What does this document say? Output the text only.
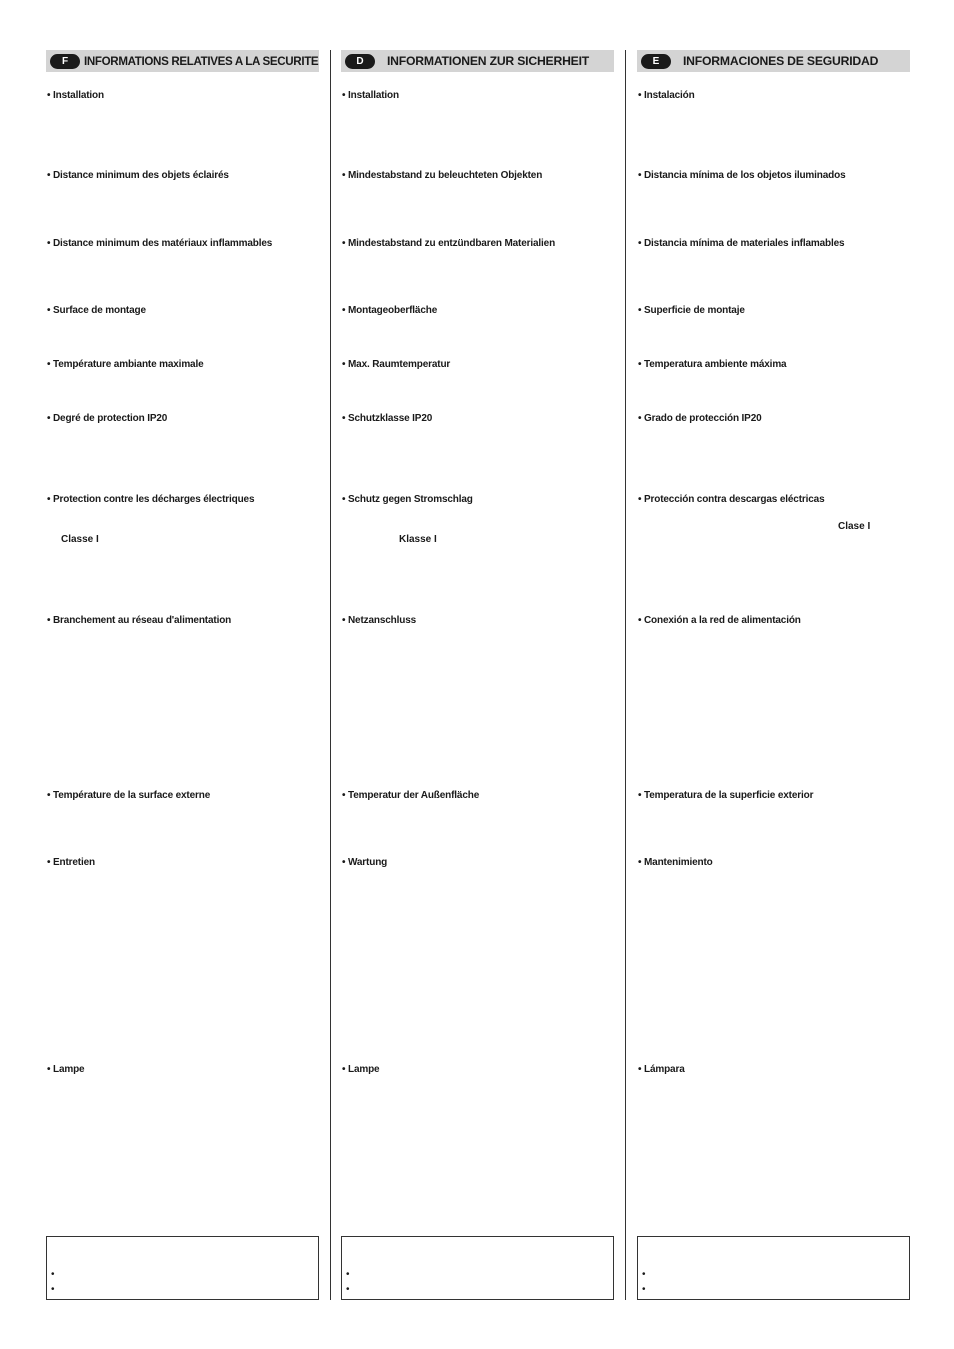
F	INFORMATIONS RELATIVES A LA SECURITE
• Installation
• Distance minimum des objets éclairés
• Distance minimum des matériaux inflammables
• Surface de montage
• Température ambiante maximale
• Degré de protection IP20
• Protection contre les décharges électriques
Classe I
• Branchement au réseau d'alimentation
• Température de la surface externe
• Entretien
• Lampe
•
•
D	INFORMATIONEN ZUR SICHERHEIT
• Installation
• Mindestabstand zu beleuchteten Objekten
• Mindestabstand zu entzündbaren Materialien
• Montageoberfläche
• Max. Raumtemperatur
• Schutzklasse IP20
• Schutz gegen Stromschlag
Klasse I
• Netzanschluss
• Temperatur der Außenfläche
• Wartung
• Lampe
•
•
E	INFORMACIONES DE SEGURIDAD
• Instalación
• Distancia mínima de los objetos iluminados
• Distancia mínima de materiales inflamables
• Superficie de montaje
• Temperatura ambiente máxima
• Grado de protección IP20
• Protección contra descargas eléctricas
Clase I
• Conexión a la red de alimentación
• Temperatura de la superficie exterior
• Mantenimiento
• Lámpara
•
•
